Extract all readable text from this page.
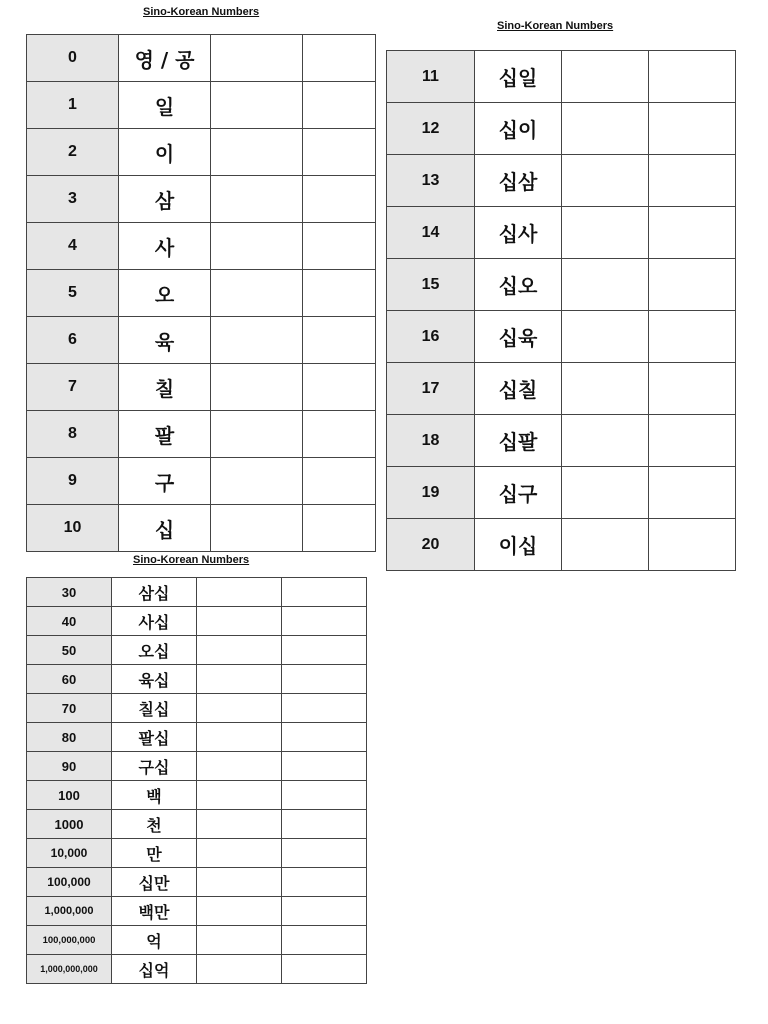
Sino-Korean Numbers
0	영 / 공		
1	일		
2	이		
3	삼		
4	사		
5	오		
6	육		
7	칠		
8	팔		
9	구		
10	십		
Sino-Korean Numbers
11	십일		
12	십이		
13	십삼		
14	십사		
15	십오		
16	십육		
17	십칠		
18	십팔		
19	십구		
20	이십		
Sino-Korean Numbers
30	삼십		
40	사십		
50	오십		
60	육십		
70	칠십		
80	팔십		
90	구십		
100	백		
1000	천		
10,000	만		
100,000	십만		
1,000,000	백만		
100,000,000	억		
1,000,000,000	십억		
